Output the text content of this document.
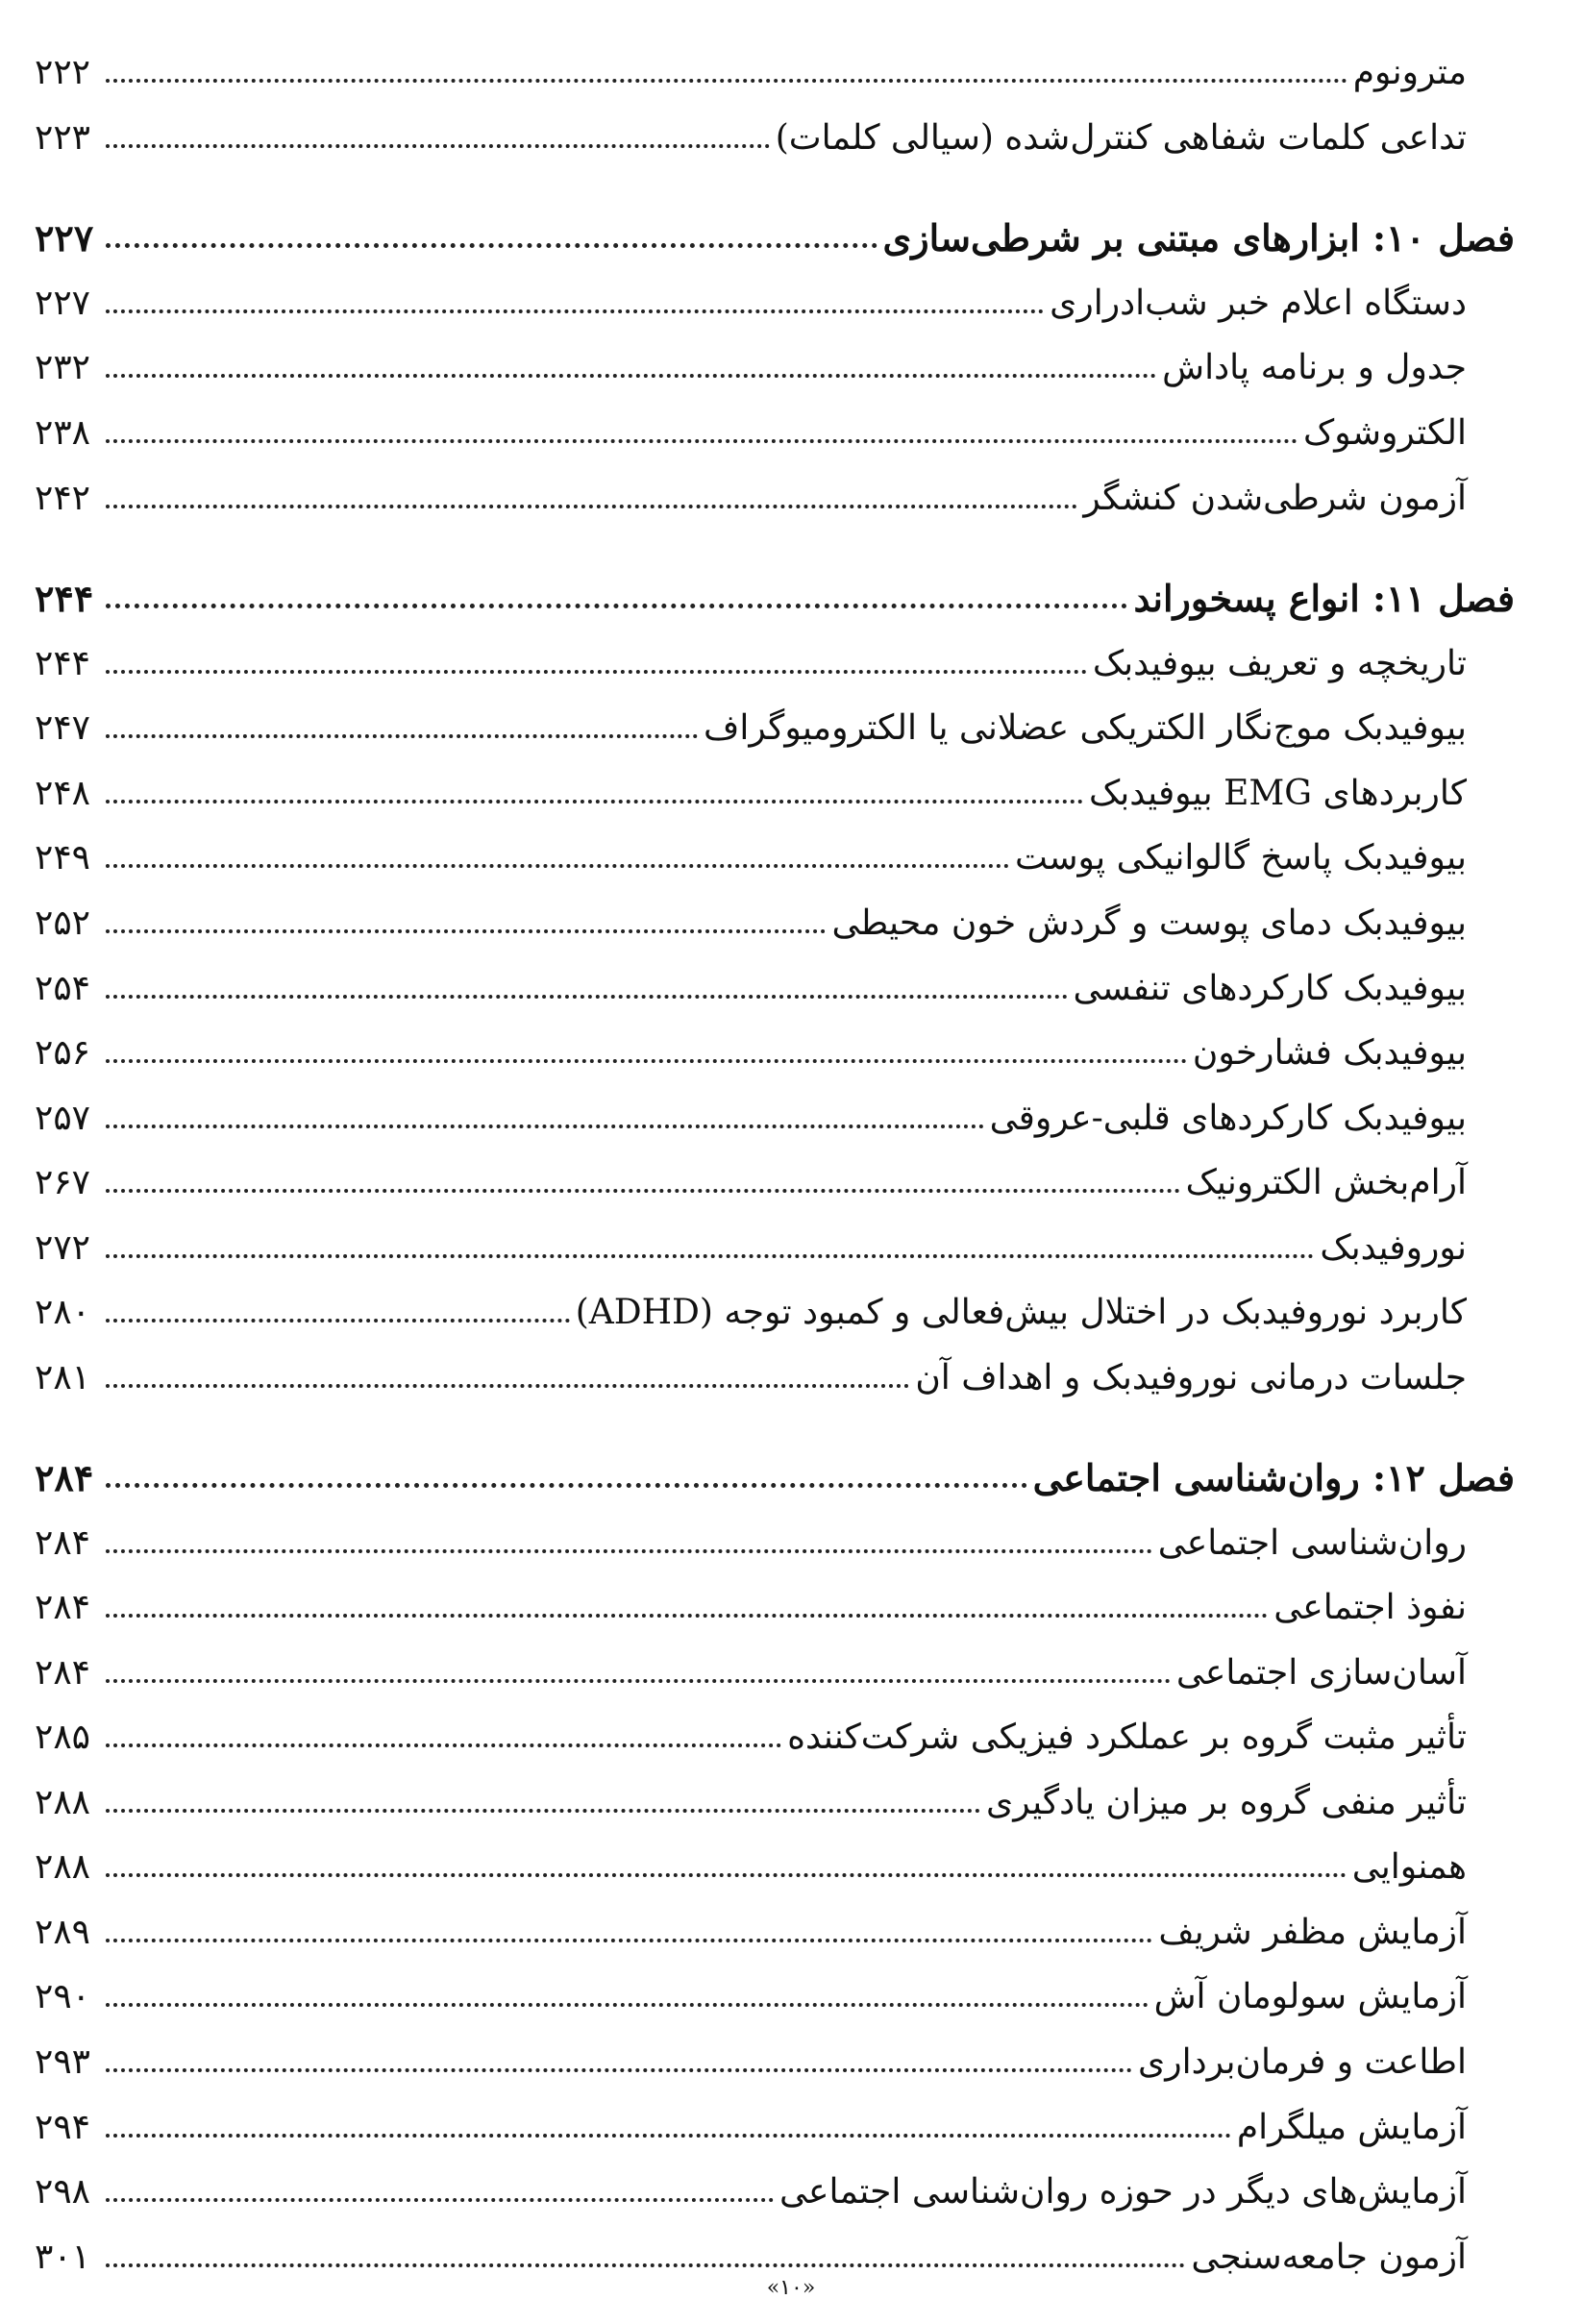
مترونوم
۲۲۲
تداعی کلمات شفاهی کنترل‌شده (سیالی کلمات)
۲۲۳
فصل ۱۰: ابزارهای مبتنی بر شرطی‌سازی
۲۲۷
دستگاه اعلام خبر شب‌ادراری
۲۲۷
جدول و برنامه پاداش
۲۳۲
الکتروشوک
۲۳۸
آزمون شرطی‌شدن کنشگر
۲۴۲
فصل ۱۱: انواع پسخوراند
۲۴۴
تاریخچه و تعریف بیوفیدبک
۲۴۴
بیوفیدبک موج‌نگار الکتریکی عضلانی یا الکترومیوگراف
۲۴۷
کاربردهای EMG بیوفیدبک
۲۴۸
بیوفیدبک پاسخ گالوانیکی پوست
۲۴۹
بیوفیدبک دمای پوست و گردش خون محیطی
۲۵۲
بیوفیدبک کارکردهای تنفسی
۲۵۴
بیوفیدبک فشارخون
۲۵۶
بیوفیدبک کارکردهای قلبی-عروقی
۲۵۷
آرام‌بخش الکترونیک
۲۶۷
نوروفیدبک
۲۷۲
کاربرد نوروفیدبک در اختلال بیش‌فعالی و کمبود توجه (ADHD)
۲۸۰
جلسات درمانی نوروفیدبک و اهداف آن
۲۸۱
فصل ۱۲: روان‌شناسی اجتماعی
۲۸۴
روان‌شناسی اجتماعی
۲۸۴
نفوذ اجتماعی
۲۸۴
آسان‌سازی اجتماعی
۲۸۴
تأثیر مثبت گروه بر عملکرد فیزیکی شرکت‌کننده
۲۸۵
تأثیر منفی گروه بر میزان یادگیری
۲۸۸
همنوایی
۲۸۸
آزمایش مظفر شریف
۲۸۹
آزمایش سولومان آش
۲۹۰
اطاعت و فرمان‌برداری
۲۹۳
آزمایش میلگرام
۲۹۴
آزمایش‌های دیگر در حوزه روان‌شناسی اجتماعی
۲۹۸
آزمون جامعه‌سنجی
۳۰۱
«۱۰»
